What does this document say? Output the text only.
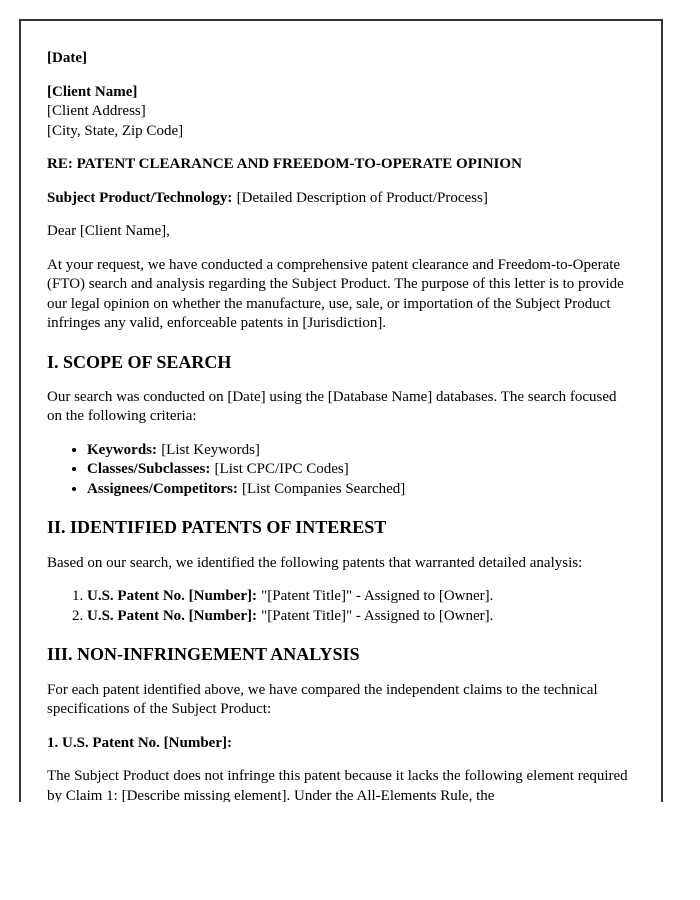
[Date]

[Client Name]
[Client Address]
[City, State, Zip Code]

RE: PATENT CLEARANCE AND FREEDOM-TO-OPERATE OPINION

Subject Product/Technology: [Detailed Description of Product/Process]

Dear [Client Name],

At your request, we have conducted a comprehensive patent clearance and Freedom-to-Operate (FTO) search and analysis regarding the Subject Product. The purpose of this letter is to provide our legal opinion on whether the manufacture, use, sale, or importation of the Subject Product infringes any valid, enforceable patents in [Jurisdiction].

I. SCOPE OF SEARCH

Our search was conducted on [Date] using the [Database Name] databases. The search focused on the following criteria:

• Keywords: [List Keywords]
• Classes/Subclasses: [List CPC/IPC Codes]
• Assignees/Competitors: [List Companies Searched]
II. IDENTIFIED PATENTS OF INTEREST

Based on our search, we identified the following patents that warranted detailed analysis:

1. U.S. Patent No. [Number]: "[Patent Title]" - Assigned to [Owner].
2. U.S. Patent No. [Number]: "[Patent Title]" - Assigned to [Owner].
III. NON-INFRINGEMENT ANALYSIS

For each patent identified above, we have compared the independent claims to the technical specifications of the Subject Product:

1. U.S. Patent No. [Number]:

The Subject Product does not infringe this patent because it lacks the following element required by Claim 1: [Describe missing element]. Under the All-Elements Rule, the
